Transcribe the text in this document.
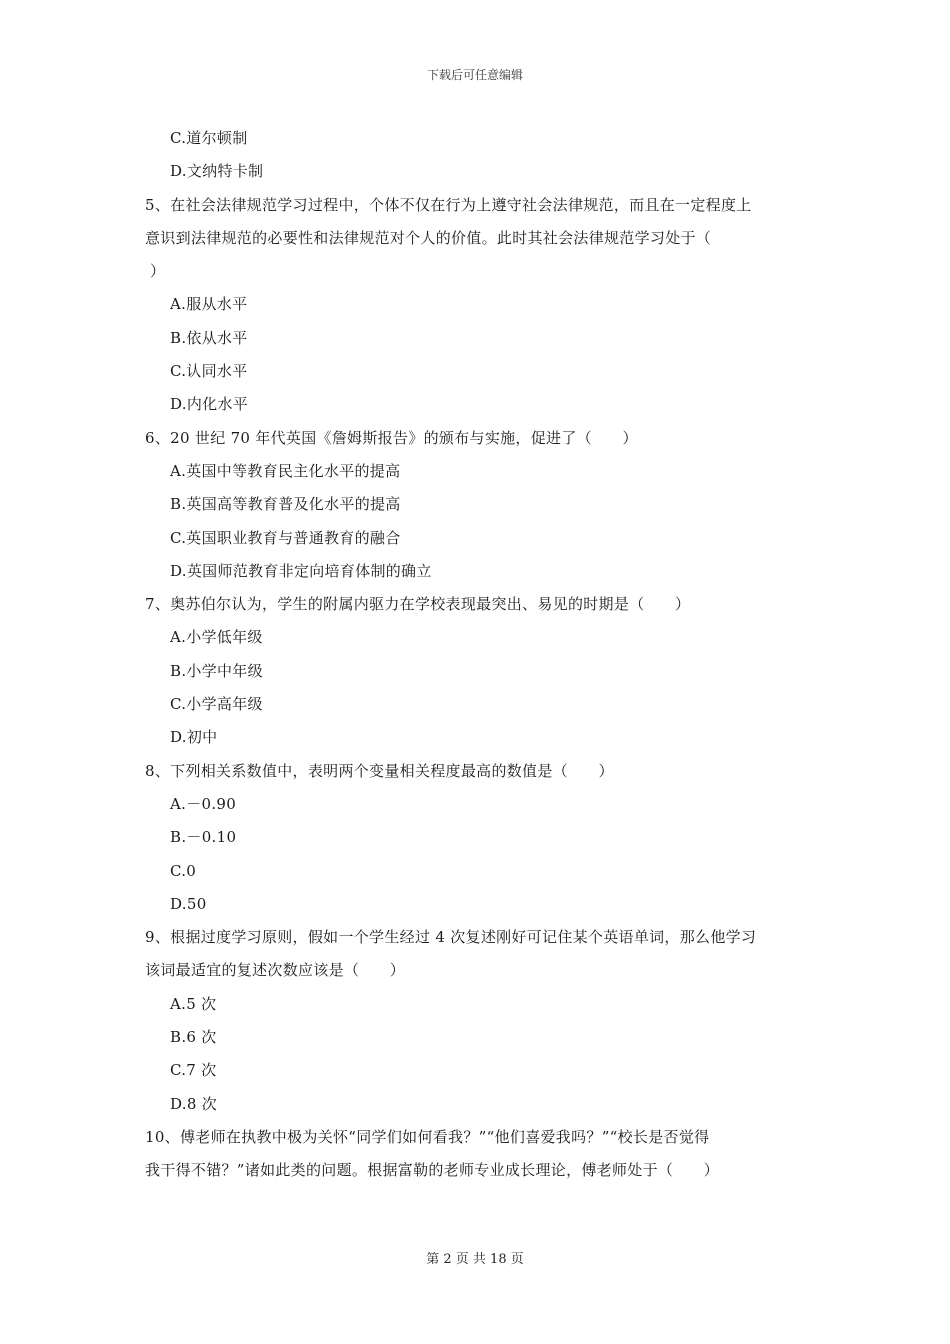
下载后可任意编辑
C.道尔顿制
D.文纳特卡制
5、在社会法律规范学习过程中，个体不仅在行为上遵守社会法律规范，而且在一定程度上
意识到法律规范的必要性和法律规范对个人的价值。此时其社会法律规范学习处于（
）
A.服从水平
B.依从水平
C.认同水平
D.内化水平
6、20 世纪 70 年代英国《詹姆斯报告》的颁布与实施，促进了（　　）
A.英国中等教育民主化水平的提高
B.英国高等教育普及化水平的提高
C.英国职业教育与普通教育的融合
D.英国师范教育非定向培育体制的确立
7、奥苏伯尔认为，学生的附属内驱力在学校表现最突出、易见的时期是（　　）
A.小学低年级
B.小学中年级
C.小学高年级
D.初中
8、下列相关系数值中，表明两个变量相关程度最高的数值是（　　）
A.－0.90
B.－0.10
C.0
D.50
9、根据过度学习原则，假如一个学生经过 4 次复述刚好可记住某个英语单词，那么他学习
该词最适宜的复述次数应该是（　　）
A.5 次
B.6 次
C.7 次
D.8 次
10、傅老师在执教中极为关怀“同学们如何看我？”“他们喜爱我吗？”“校长是否觉得
我干得不错？”诸如此类的问题。根据富勒的老师专业成长理论，傅老师处于（　　）
第 2 页 共 18 页
